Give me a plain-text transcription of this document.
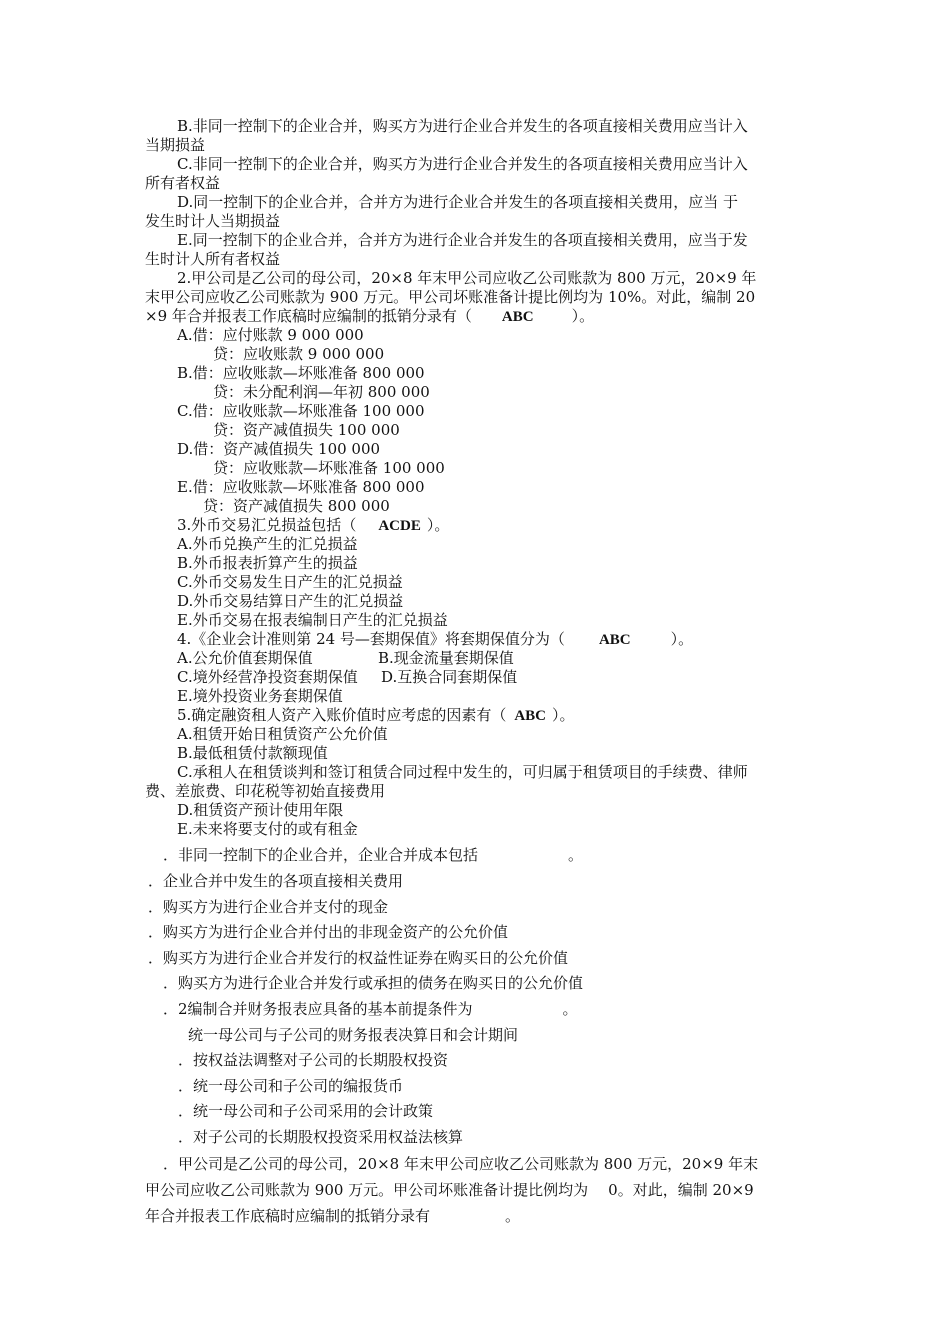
B.非同一控制下的企业合并，购买方为进行企业合并发生的各项直接相关费用应当计入
当期损益
C.非同一控制下的企业合并，购买方为进行企业合并发生的各项直接相关费用应当计入
所有者权益
D.同一控制下的企业合并，合并方为进行企业合并发生的各项直接相关费用，应当 于
发生时计人当期损益
E.同一控制下的企业合并，合并方为进行企业合并发生的各项直接相关费用，应当于发
生时计人所有者权益
2.甲公司是乙公司的母公司，20×8 年末甲公司应收乙公司账款为 800 万元，20×9 年
末甲公司应收乙公司账款为 900 万元。甲公司坏账准备计提比例均为 10%。对此，编制 20
×9 年合并报表工作底稿时应编制的抵销分录有（ ABC	）。
A.借：应付账款 9 000 000
贷：应收账款 9 000 000
B.借：应收账款—坏账准备 800 000
贷：未分配利润—年初 800 000
C.借：应收账款—坏账准备 100 000
贷：资产减值损失 100 000
D.借：资产减值损失 100 000
贷：应收账款—坏账准备 100 000
E.借：应收账款—坏账准备 800 000
贷：资产减值损失 800 000
3.外币交易汇兑损益包括（ ACDE ）。
A.外币兑换产生的汇兑损益
B.外币报表折算产生的损益
C.外币交易发生日产生的汇兑损益
D.外币交易结算日产生的汇兑损益
E.外币交易在报表编制日产生的汇兑损益
4.《企业会计准则第 24 号—套期保值》将套期保值分为（ ABC	）。
A.公允价值套期保值	B.现金流量套期保值
C.境外经营净投资套期保值 D.互换合同套期保值
E.境外投资业务套期保值
5.确定融资租人资产入账价值时应考虑的因素有（ ABC ）。
A.租赁开始日租赁资产公允价值
B.最低租赁付款额现值
C.承租人在租赁谈判和签订租赁合同过程中发生的，可归属于租赁项目的手续费、律师
费、差旅费、印花税等初始直接费用
D.租赁资产预计使用年限
E.未来将要支付的或有租金
．非同一控制下的企业合并，企业合并成本包括	。
．企业合并中发生的各项直接相关费用
．购买方为进行企业合并支付的现金
．购买方为进行企业合并付出的非现金资产的公允价值
．购买方为进行企业合并发行的权益性证券在购买日的公允价值
．购买方为进行企业合并发行或承担的债务在购买日的公允价值
．2编制合并财务报表应具备的基本前提条件为	。
统一母公司与子公司的财务报表决算日和会计期间
．按权益法调整对子公司的长期股权投资
．统一母公司和子公司的编报货币
．统一母公司和子公司采用的会计政策
．对子公司的长期股权投资采用权益法核算
．甲公司是乙公司的母公司，20×8 年末甲公司应收乙公司账款为 800 万元，20×9 年末
甲公司应收乙公司账款为 900 万元。甲公司坏账准备计提比例均为 0。对此，编制 20×9
年合并报表工作底稿时应编制的抵销分录有	。
